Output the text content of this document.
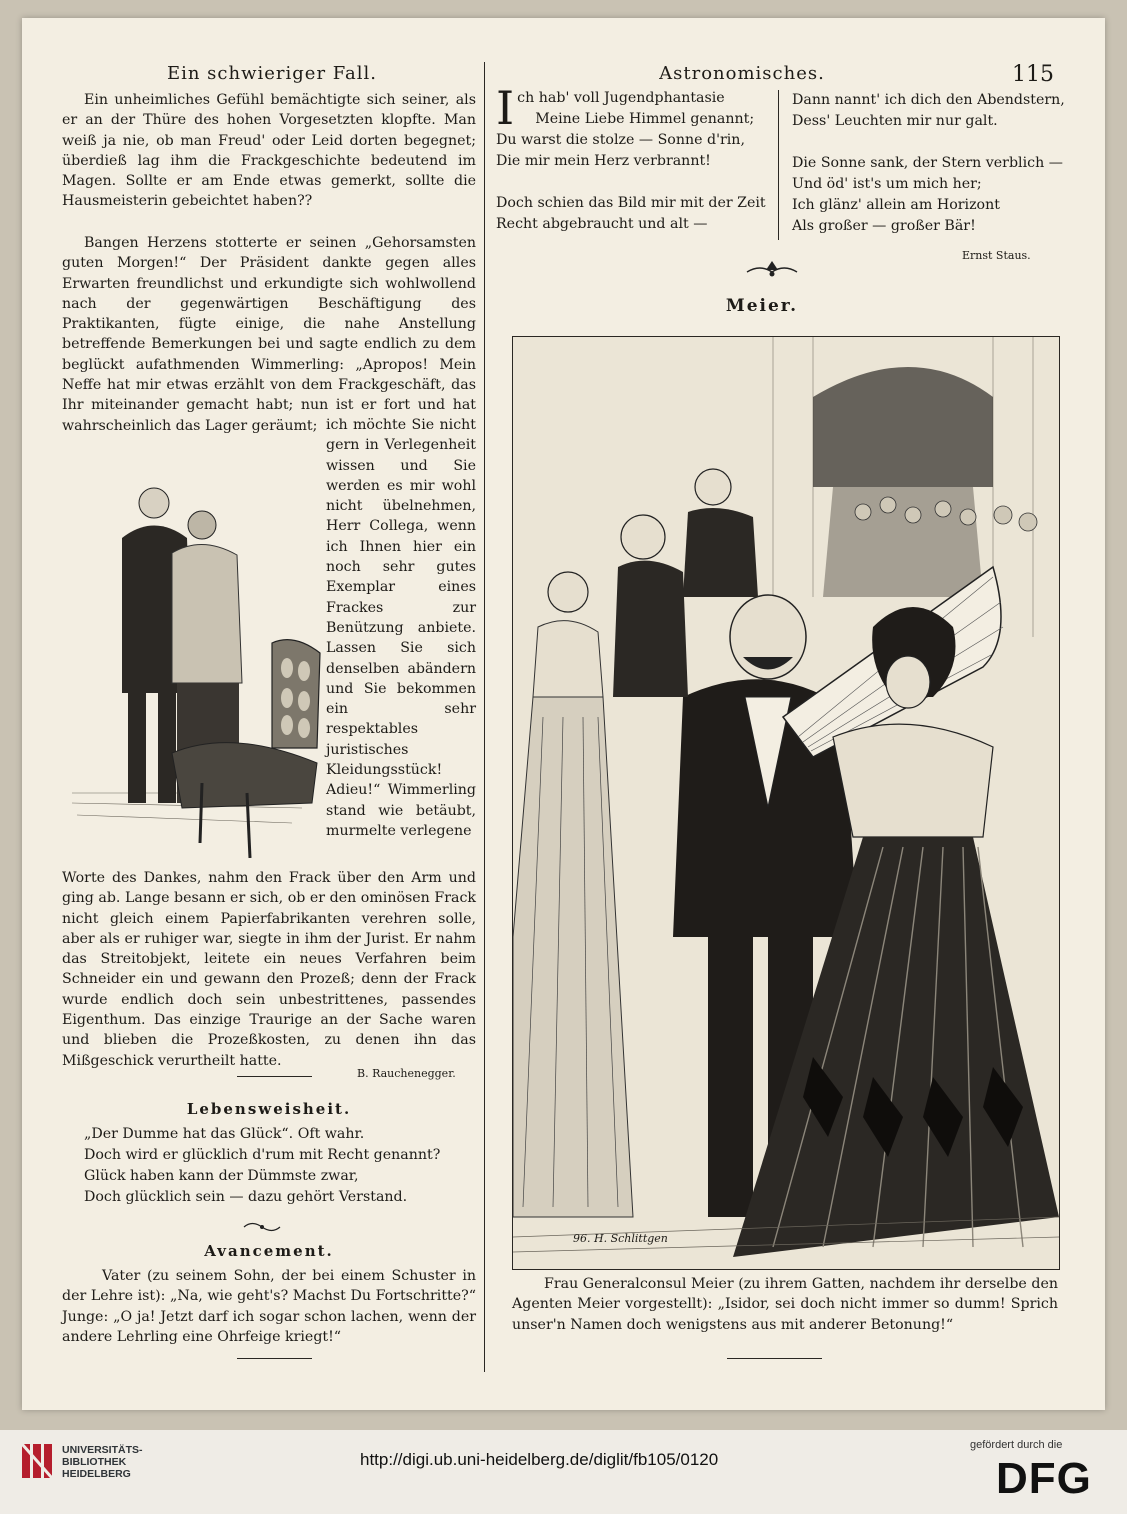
Ein schwieriger Fall.	Astronomisches.	115

Ein unheimliches Gefühl bemächtigte sich seiner, als er an der Thüre des hohen Vorgesetzten klopfte. Man weiß ja nie, ob man Freud' oder Leid dorten begegnet; überdieß lag ihm die Frackgeschichte bedeutend im Magen. Sollte er am Ende etwas gemerkt, sollte die Hausmeisterin gebeichtet haben??

Bangen Herzens stotterte er seinen „Gehorsamsten guten Morgen!“ Der Präsident dankte gegen alles Erwarten freundlichst und erkundigte sich wohlwollend nach der gegenwärtigen Beschäftigung des Praktikanten, fügte einige, die nahe Anstellung betreffende Bemerkungen bei und sagte endlich zu dem beglückt aufathmenden Wimmerling: „Apropos! Mein Neffe hat mir etwas erzählt von dem Frackgeschäft, das Ihr miteinander gemacht habt; nun ist er fort und hat wahrscheinlich das Lager geräumt; ich möchte Sie nicht gern in Verlegenheit wissen und Sie werden es mir wohl nicht übelnehmen, Herr Collega, wenn ich Ihnen hier ein noch sehr gutes Exemplar eines Frackes zur Benützung anbiete. Lassen Sie sich denselben abändern und Sie bekommen ein sehr respektables juristisches Kleidungsstück! Adieu!“ Wimmerling stand wie betäubt, murmelte verlegene

Worte des Dankes, nahm den Frack über den Arm und ging ab. Lange besann er sich, ob er den ominösen Frack nicht gleich einem Papierfabrikanten verehren solle, aber als er ruhiger war, siegte in ihm der Jurist. Er nahm das Streitobjekt, leitete ein neues Verfahren beim Schneider ein und gewann den Prozeß; denn der Frack wurde endlich doch sein unbestrittenes, passendes Eigenthum. Das einzige Traurige an der Sache waren und blieben die Prozeßkosten, zu denen ihn das Mißgeschick verurtheilt hatte.

B. Rauchenegger.
Lebensweisheit.

„Der Dumme hat das Glück“. Oft wahr.
Doch wird er glücklich d'rum mit Recht genannt?
Glück haben kann der Dümmste zwar,
Doch glücklich sein — dazu gehört Verstand.

Avancement.

Vater (zu seinem Sohn, der bei einem Schuster in der Lehre ist): „Na, wie geht's? Machst Du Fortschritte?“ Junge: „O ja! Jetzt darf ich sogar schon lachen, wenn der andere Lehrling eine Ohrfeige kriegt!“

I ch hab' voll Jugendphantasie
Meine Liebe Himmel genannt;
Du warst die stolze — Sonne d'rin,
Die mir mein Herz verbrannt!

Doch schien das Bild mir mit der Zeit
Recht abgebraucht und alt —

Dann nannt' ich dich den Abendstern,
Dess' Leuchten mir nur galt.

Die Sonne sank, der Stern verblich —
Und öd' ist's um mich her;
Ich glänz' allein am Horizont
Als großer — großer Bär!

Ernst Staus.
Meier.
96. H. Schlittgen

Frau Generalconsul Meier (zu ihrem Gatten, nachdem ihr derselbe den Agenten Meier vorgestellt): „Isidor, sei doch nicht immer so dumm! Sprich unser'n Namen doch wenigstens aus mit anderer Betonung!“

UNIVERSITÄTS-
BIBLIOTHEK
HEIDELBERG
http://digi.ub.uni-heidelberg.de/diglit/fb105/0120
gefördert durch die
DFG
